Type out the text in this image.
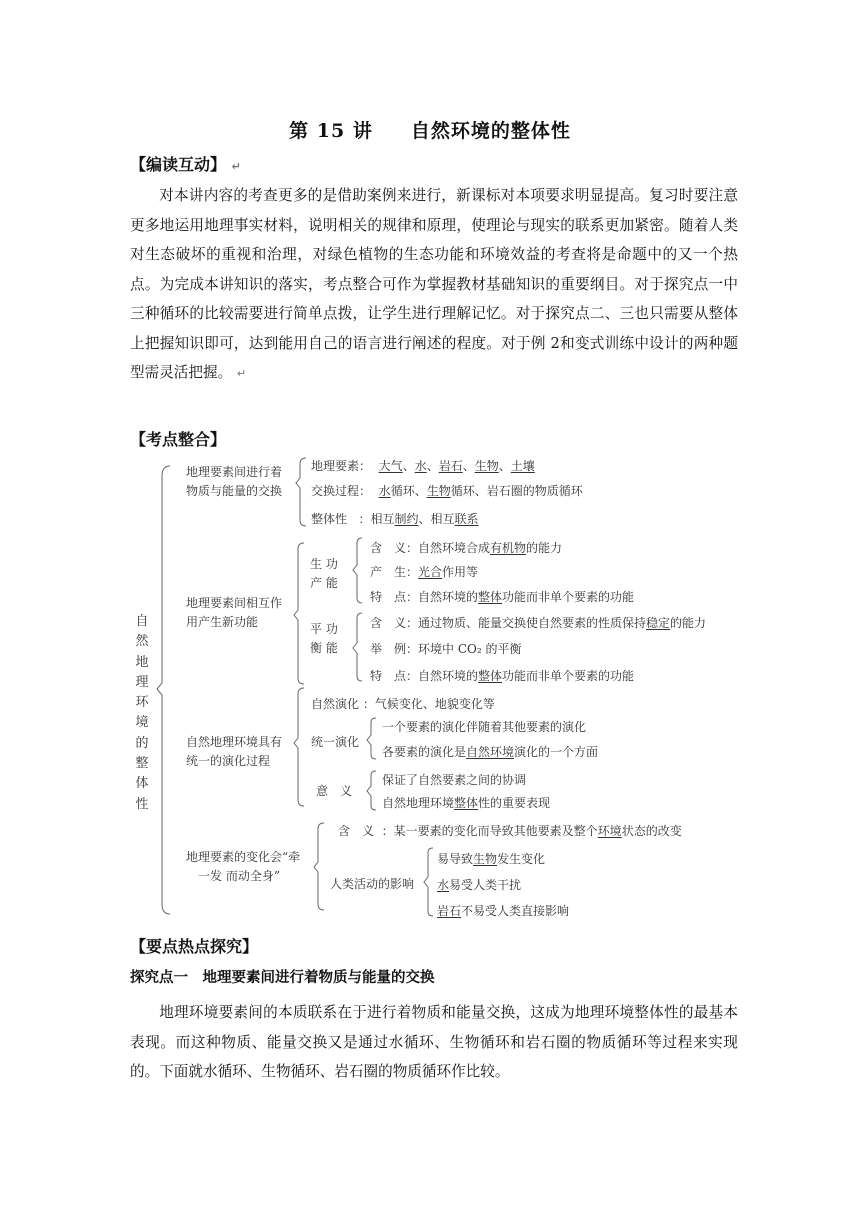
第 15 讲 自然环境的整体性
【编读互动】 ↵
对本讲内容的考查更多的是借助案例来进行，新课标对本项要求明显提高。复习时要注意更多地运用地理事实材料，说明相关的规律和原理，使理论与现实的联系更加紧密。随着人类对生态破坏的重视和治理，对绿色植物的生态功能和环境效益的考查将是命题中的又一个热点。为完成本讲知识的落实，考点整合可作为掌握教材基础知识的重要纲目。对于探究点一中三种循环的比较需要进行简单点拨，让学生进行理解记忆。对于探究点二、三也只需要从整体上把握知识即可，达到能用自己的语言进行阐述的程度。对于例 2和变式训练中设计的两种题型需灵活把握。 ↵
【考点整合】
自然地理环境的整体性
地理要素间进行着
物质与能量的交换
地理要素： 大气、水、岩石、生物、土壤
交换过程： 水循环、生物循环、岩石圈的物质循环
整体性 ：相互制约、相互联系
地理要素间相互作
用产生新功能
生 功
产 能
含　义：自然环境合成有机物的能力
产　生：光合作用等
特　点：自然环境的整体功能而非单个要素的功能
平 功
衡 能
含　义：通过物质、能量交换使自然要素的性质保持稳定的能力
举　例：环境中 CO₂ 的平衡
特　点：自然环境的整体功能而非单个要素的功能
自然地理环境具有
统一的演化过程
自然演化 ：气候变化、地貌变化等
统一演化
一个要素的演化伴随着其他要素的演化
各要素的演化是自然环境演化的一个方面
意　义
保证了自然要素之间的协调
自然地理环境整体性的重要表现
地理要素的变化会“牵
一发 而动全身”
含　义 ：某一要素的变化而导致其他要素及整个环境状态的改变
人类活动的影响
易导致生物发生变化
水易受人类干扰
岩石不易受人类直接影响
【要点热点探究】
探究点一　地理要素间进行着物质与能量的交换
地理环境要素间的本质联系在于进行着物质和能量交换，这成为地理环境整体性的最基本表现。而这种物质、能量交换又是通过水循环、生物循环和岩石圈的物质循环等过程来实现的。下面就水循环、生物循环、岩石圈的物质循环作比较。
